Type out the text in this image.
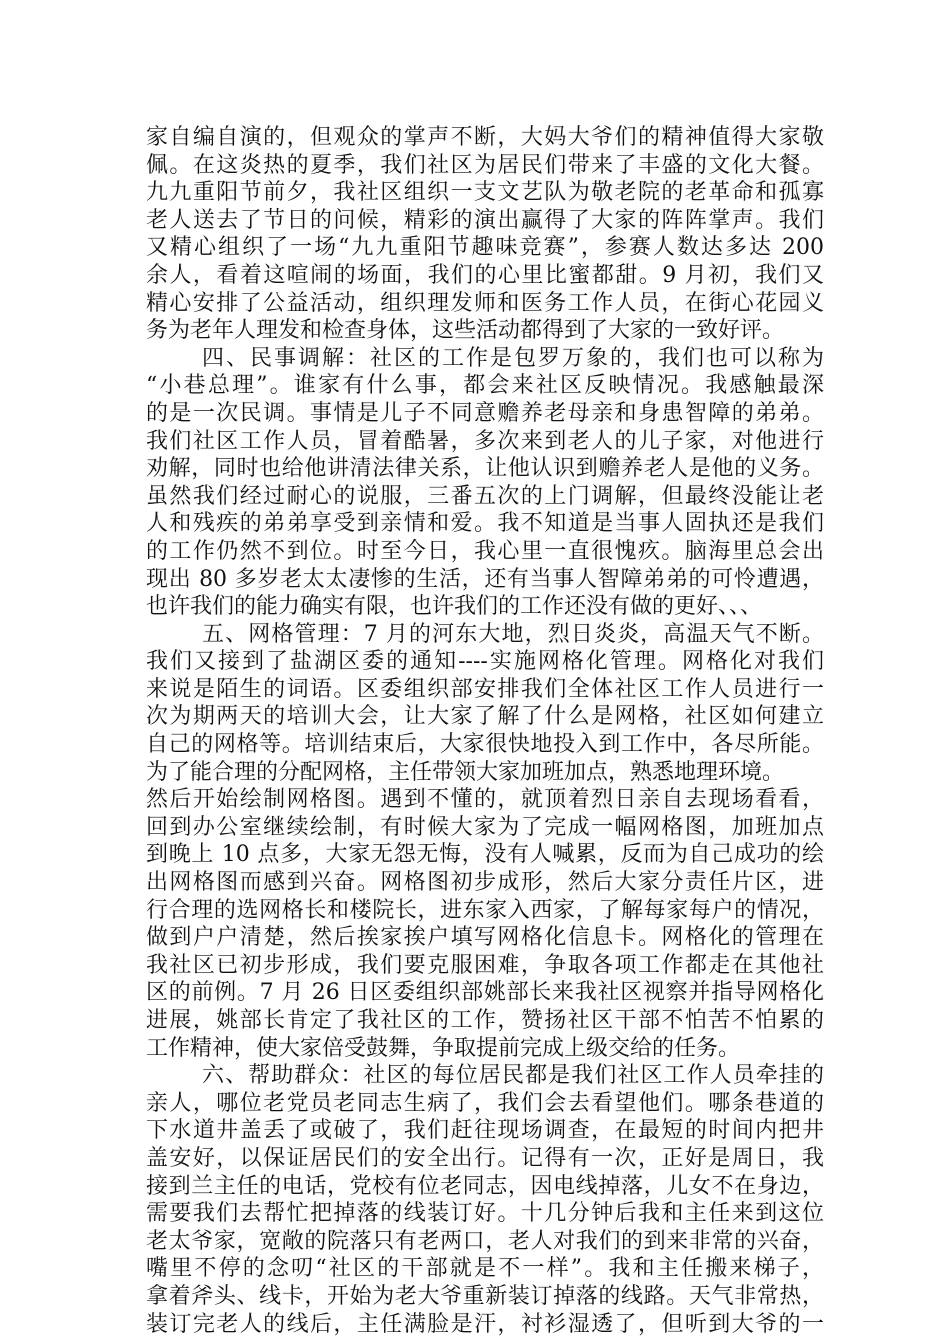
家自编自演的，但观众的掌声不断，大妈大爷们的精神值得大家敬
佩。在这炎热的夏季，我们社区为居民们带来了丰盛的文化大餐。
九九重阳节前夕，我社区组织一支文艺队为敬老院的老革命和孤寡
老人送去了节日的问候，精彩的演出赢得了大家的阵阵掌声。我们
又精心组织了一场“九九重阳节趣味竞赛”，参赛人数达多达 200
余人，看着这喧闹的场面，我们的心里比蜜都甜。9 月初，我们又
精心安排了公益活动，组织理发师和医务工作人员，在街心花园义
务为老年人理发和检查身体，这些活动都得到了大家的一致好评。
四、民事调解：社区的工作是包罗万象的，我们也可以称为
“小巷总理”。谁家有什么事，都会来社区反映情况。我感触最深
的是一次民调。事情是儿子不同意赡养老母亲和身患智障的弟弟。
我们社区工作人员，冒着酷暑，多次来到老人的儿子家，对他进行
劝解，同时也给他讲清法律关系，让他认识到赡养老人是他的义务。
虽然我们经过耐心的说服，三番五次的上门调解，但最终没能让老
人和残疾的弟弟享受到亲情和爱。我不知道是当事人固执还是我们
的工作仍然不到位。时至今日，我心里一直很愧疚。脑海里总会出
现出 80 多岁老太太凄惨的生活，还有当事人智障弟弟的可怜遭遇，
也许我们的能力确实有限，也许我们的工作还没有做的更好、、、
五、网格管理：7 月的河东大地，烈日炎炎，高温天气不断。
我们又接到了盐湖区委的通知----实施网格化管理。网格化对我们
来说是陌生的词语。区委组织部安排我们全体社区工作人员进行一
次为期两天的培训大会，让大家了解了什么是网格，社区如何建立
自己的网格等。培训结束后，大家很快地投入到工作中，各尽所能。
为了能合理的分配网格，主任带领大家加班加点，熟悉地理环境。
然后开始绘制网格图。遇到不懂的，就顶着烈日亲自去现场看看，
回到办公室继续绘制，有时候大家为了完成一幅网格图，加班加点
到晚上 10 点多，大家无怨无悔，没有人喊累，反而为自己成功的绘
出网格图而感到兴奋。网格图初步成形，然后大家分责任片区，进
行合理的选网格长和楼院长，进东家入西家，了解每家每户的情况，
做到户户清楚，然后挨家挨户填写网格化信息卡。网格化的管理在
我社区已初步形成，我们要克服困难，争取各项工作都走在其他社
区的前例。7 月 26 日区委组织部姚部长来我社区视察并指导网格化
进展，姚部长肯定了我社区的工作，赞扬社区干部不怕苦不怕累的
工作精神，使大家倍受鼓舞，争取提前完成上级交给的任务。
六、帮助群众：社区的每位居民都是我们社区工作人员牵挂的
亲人，哪位老党员老同志生病了，我们会去看望他们。哪条巷道的
下水道井盖丢了或破了，我们赶往现场调查，在最短的时间内把井
盖安好，以保证居民们的安全出行。记得有一次，正好是周日，我
接到兰主任的电话，党校有位老同志，因电线掉落，儿女不在身边，
需要我们去帮忙把掉落的线装订好。十几分钟后我和主任来到这位
老太爷家，宽敞的院落只有老两口，老人对我们的到来非常的兴奋，
嘴里不停的念叨“社区的干部就是不一样”。我和主任搬来梯子，
拿着斧头、线卡，开始为老大爷重新装订掉落的线路。天气非常热，
装订完老人的线后，主任满脸是汗，衬衫湿透了，但听到大爷的一
